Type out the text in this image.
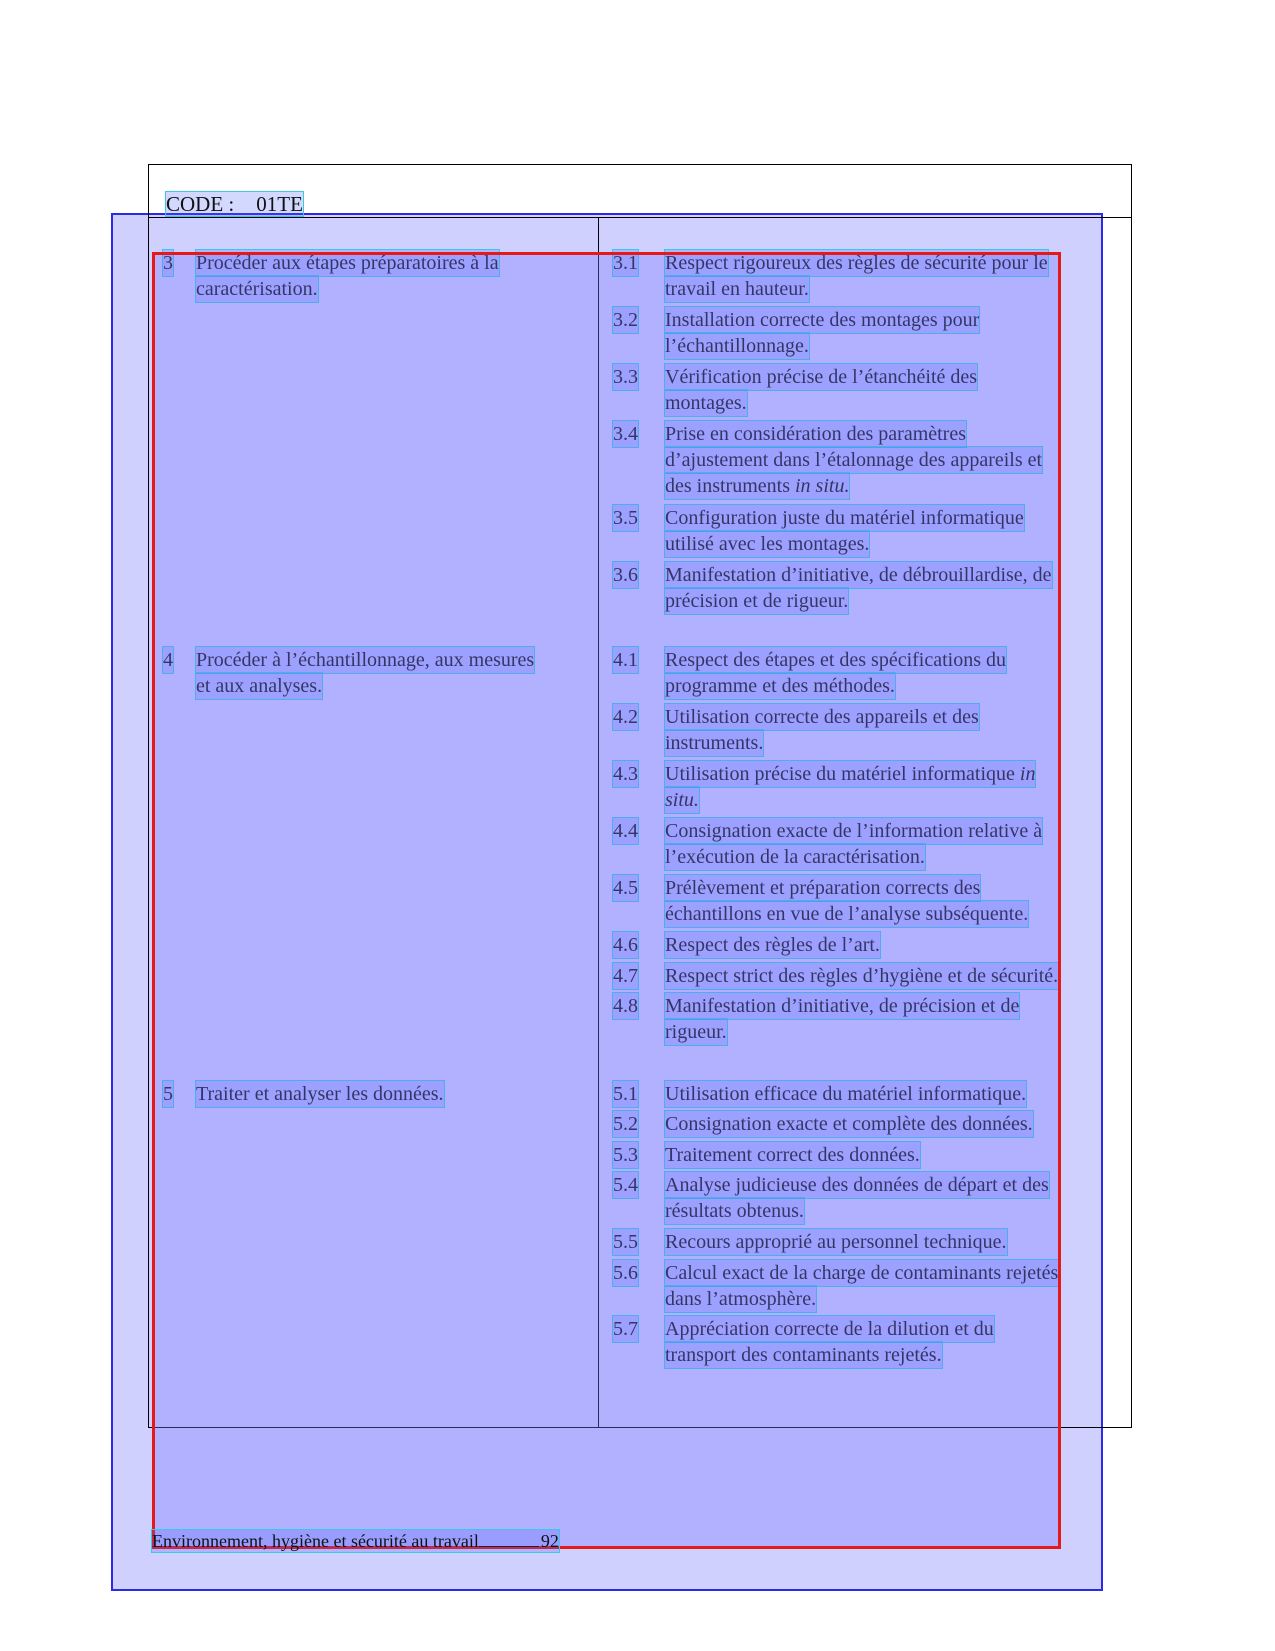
CODE : 01TE
3 Procéder aux étapes préparatoires à la
caractérisation.
4 Procéder à l’échantillonnage, aux mesures
et aux analyses.
5 Traiter et analyser les données.
3.1 Respect rigoureux des règles de sécurité pour le
travail en hauteur.
3.2 Installation correcte des montages pour
l’échantillonnage.
3.3 Vérification précise de l’étanchéité des
montages.
3.4 Prise en considération des paramètres
d’ajustement dans l’étalonnage des appareils et
des instruments in situ.
3.5 Configuration juste du matériel informatique
utilisé avec les montages.
3.6 Manifestation d’initiative, de débrouillardise, de
précision et de rigueur.
4.1 Respect des étapes et des spécifications du
programme et des méthodes.
4.2 Utilisation correcte des appareils et des
instruments.
4.3 Utilisation précise du matériel informatique in
situ.
4.4 Consignation exacte de l’information relative à
l’exécution de la caractérisation.
4.5 Prélèvement et préparation corrects des
échantillons en vue de l’analyse subséquente.
4.6 Respect des règles de l’art.
4.7 Respect strict des règles d’hygiène et de sécurité.
4.8 Manifestation d’initiative, de précision et de
rigueur.
5.1 Utilisation efficace du matériel informatique.
5.2 Consignation exacte et complète des données.
5.3 Traitement correct des données.
5.4 Analyse judicieuse des données de départ et des
résultats obtenus.
5.5 Recours approprié au personnel technique.
5.6 Calcul exact de la charge de contaminants rejetés
dans l’atmosphère.
5.7 Appréciation correcte de la dilution et du
transport des contaminants rejetés.
Environnement, hygiène et sécurité au travail	92
